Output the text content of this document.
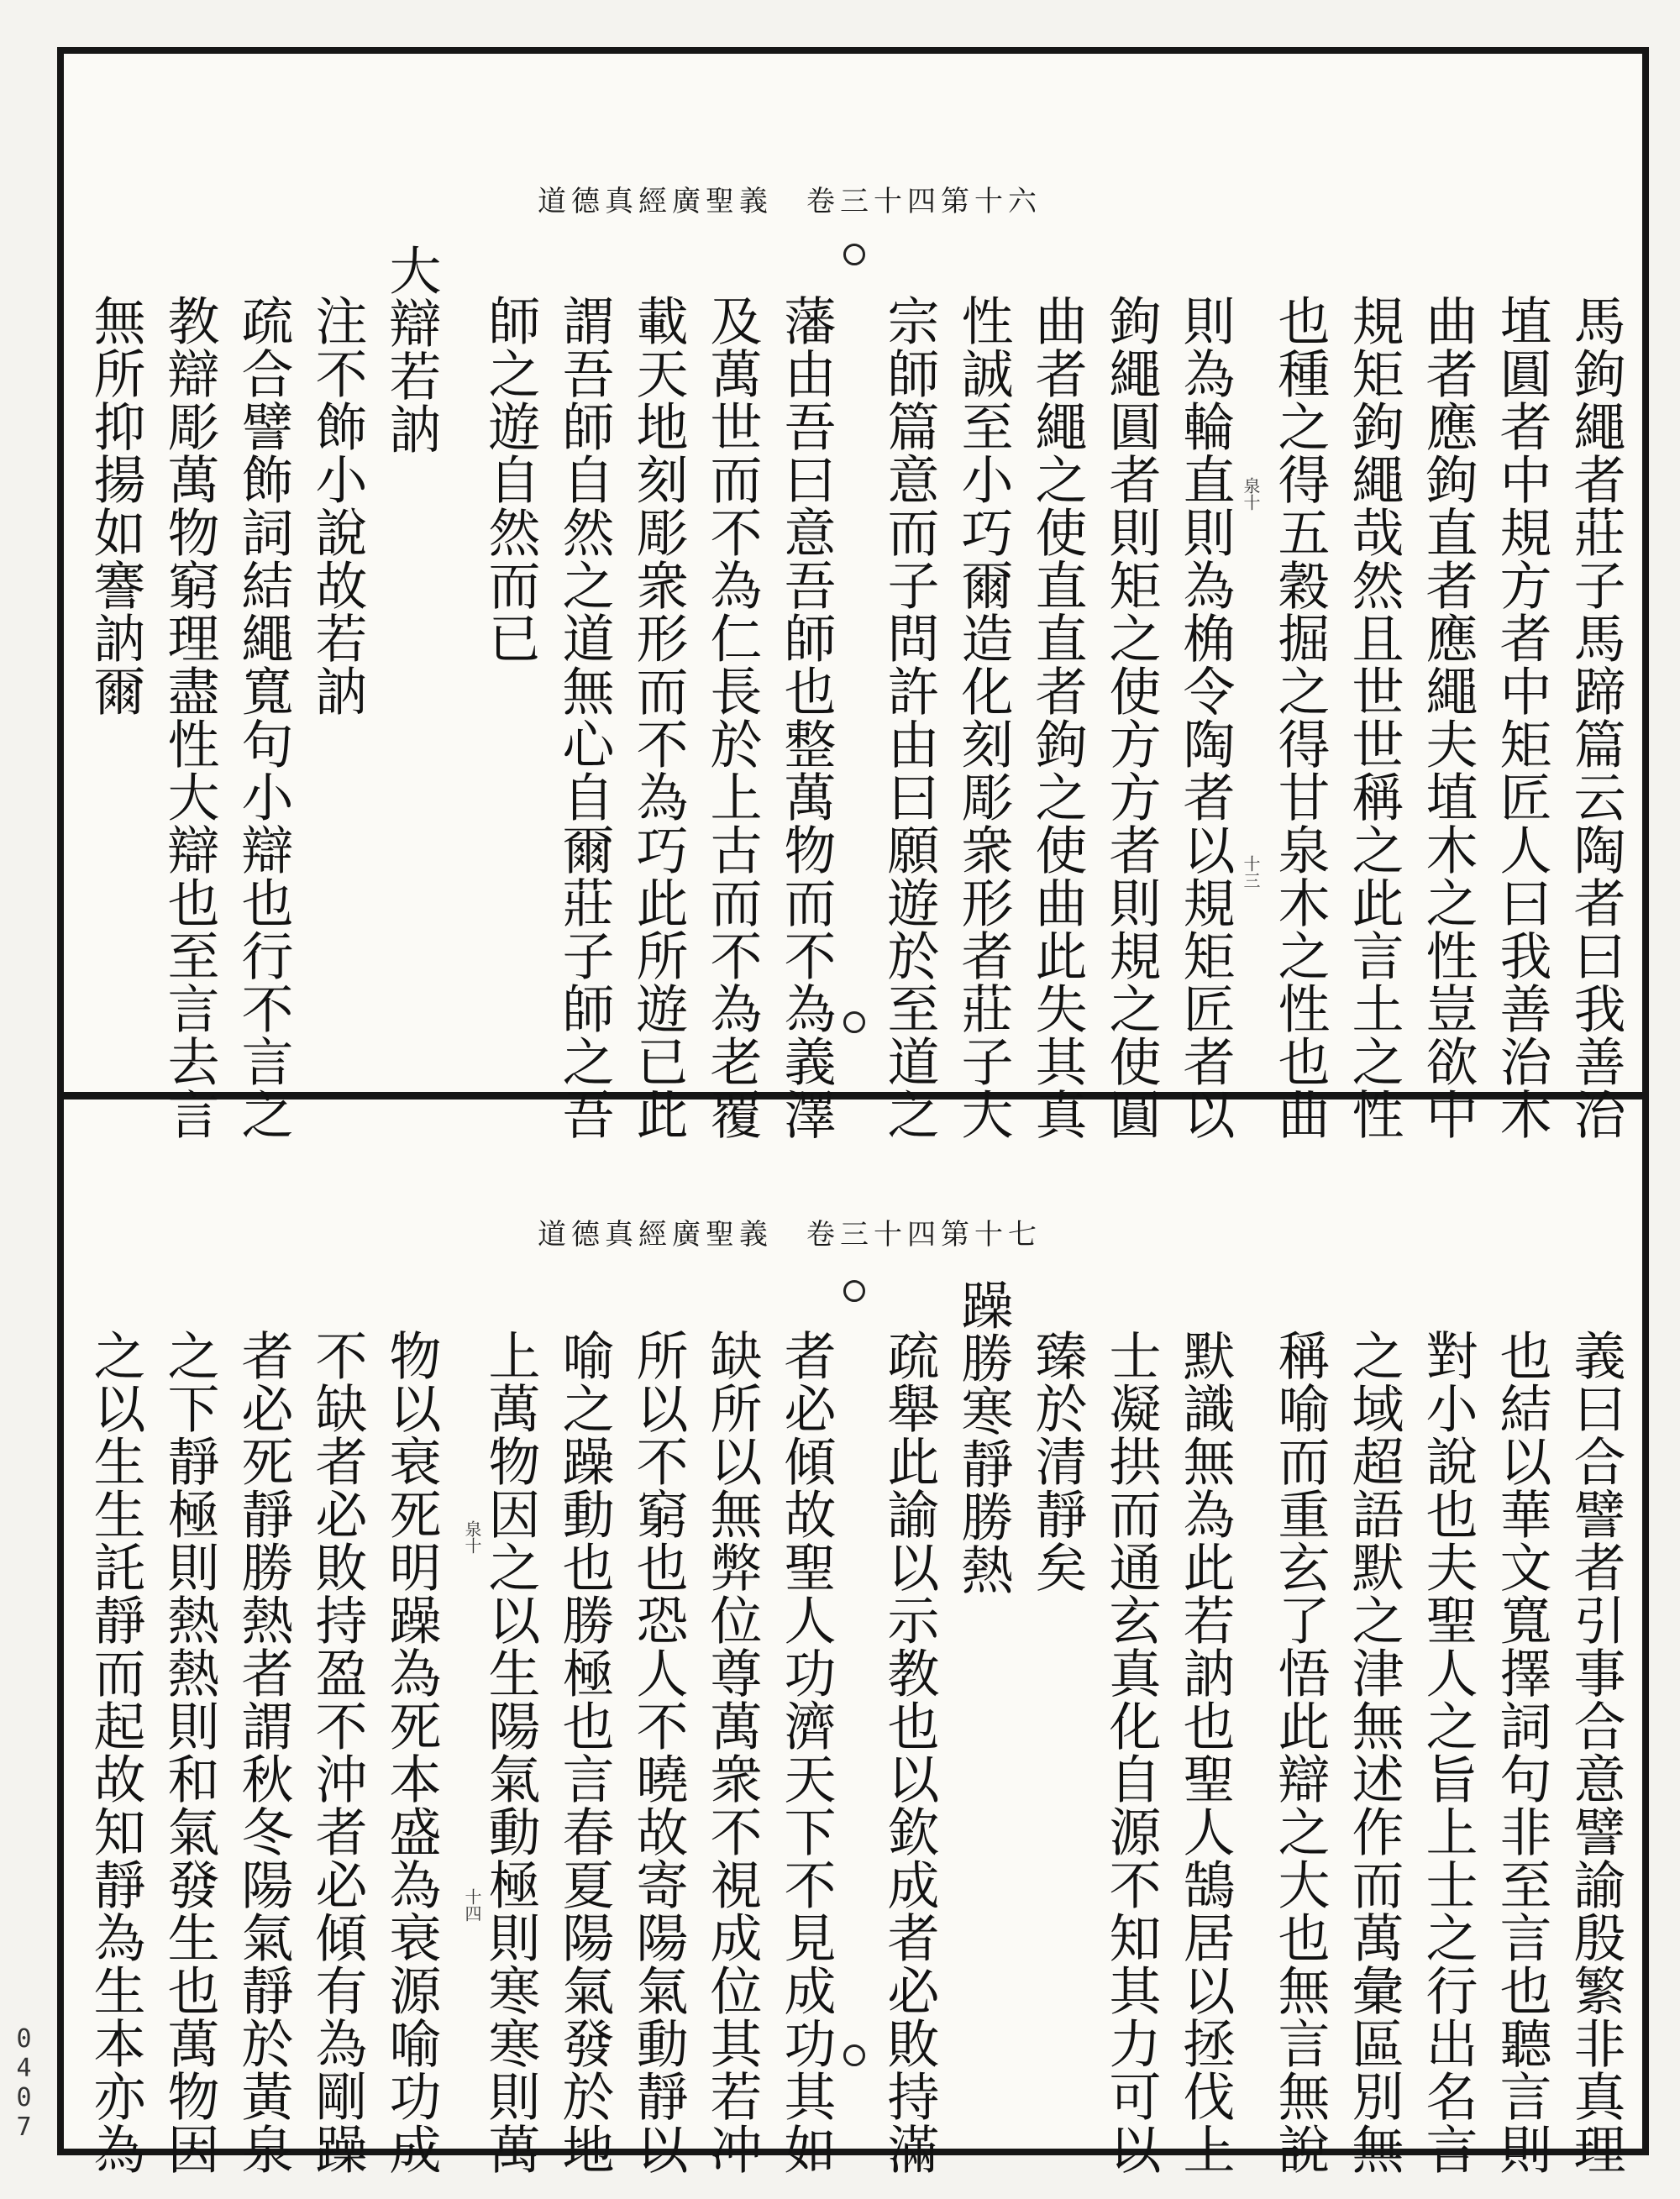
0407
道德真經廣聖義　卷三十四第十六
泉十
十三	馬鉤繩者莊子馬蹄篇云陶者曰我善治
埴圓者中規方者中矩匠人曰我善治木
曲者應鉤直者應繩夫埴木之性豈欲中
規矩鉤繩哉然且世世稱之此言土之性
也種之得五穀掘之得甘泉木之性也曲
則為輪直則為桷令陶者以規矩匠者以
鉤繩圓者則矩之使方方者則規之使圓
曲者繩之使直直者鉤之使曲此失其真
性誠至小巧爾造化刻彫衆形者莊子大
宗師篇意而子問許由曰願遊於至道之
藩由吾曰意吾師也整萬物而不為義澤
及萬世而不為仁長於上古而不為老覆
載天地刻彫衆形而不為巧此所遊已此
謂吾師自然之道無心自爾莊子師之吾
師之遊自然而已
大辯若訥
注不飾小說故若訥
疏合譬飾詞結繩寬句小辯也行不言之
教辯彫萬物窮理盡性大辯也至言去言
無所抑揚如謇訥爾
道德真經廣聖義　卷三十四第十七
泉十
十四	義曰合譬者引事合意譬諭殷繁非真理
也結以華文寬擇詞句非至言也聽言則
對小說也夫聖人之旨上士之行出名言
之域超語默之津無述作而萬彙區別無
稱喻而重玄了悟此辯之大也無言無說
默識無為此若訥也聖人鵠居以拯伐上
士凝拱而通玄真化自源不知其力可以
臻於清靜矣
躁勝寒靜勝熱
疏舉此諭以示教也以欽成者必敗持滿
者必傾故聖人功濟天下不見成功其如
缺所以無弊位尊萬衆不視成位其若冲
所以不窮也恐人不曉故寄陽氣動靜以
喻之躁動也勝極也言春夏陽氣發於地
上萬物因之以生陽氣動極則寒寒則萬
物以衰死明躁為死本盛為衰源喻功成
不缺者必敗持盈不沖者必傾有為剛躁
者必死靜勝熱者謂秋冬陽氣靜於黃泉
之下靜極則熱熱則和氣發生也萬物因
之以生生託靜而起故知靜為生本亦為
